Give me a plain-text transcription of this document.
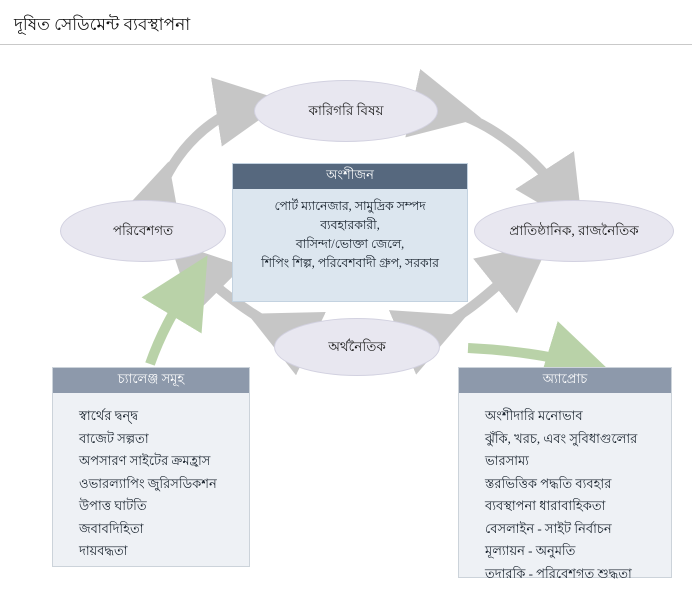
দূষিত সেডিমেন্ট ব্যবস্থাপনা
কারিগরি বিষয়
পরিবেশগত	প্রাতিষ্ঠানিক, রাজনৈতিক
অর্থনৈতিক
অংশীজন
পোর্ট ম্যানেজার, সামুদ্রিক সম্পদ
ব্যবহারকারী,
বাসিন্দা/ভোক্তা জেলে,
শিপিং শিল্প, পরিবেশবাদী গ্রুপ, সরকার
চ্যালেঞ্জ সমূহ
স্বার্থের দ্বন্দ্ব
বাজেট সল্পতা
অপসারণ সাইটের ক্রমহ্রাস
ওভারল্যাপিং জুরিসডিকশন
উপাত্ত ঘাটতি
জবাবদিহিতা
দায়বদ্ধতা
অ্যাপ্রোচ
অংশীদারি মনোভাব
ঝুঁকি, খরচ, এবং সুবিধাগুলোর
ভারসাম্য
স্তরভিত্তিক পদ্ধতি ব্যবহার
ব্যবস্থাপনা ধারাবাহিকতা
বেসলাইন - সাইট নির্বাচন
মূল্যায়ন - অনুমতি
তদারকি - পরিবেশগত শুদ্ধতা
